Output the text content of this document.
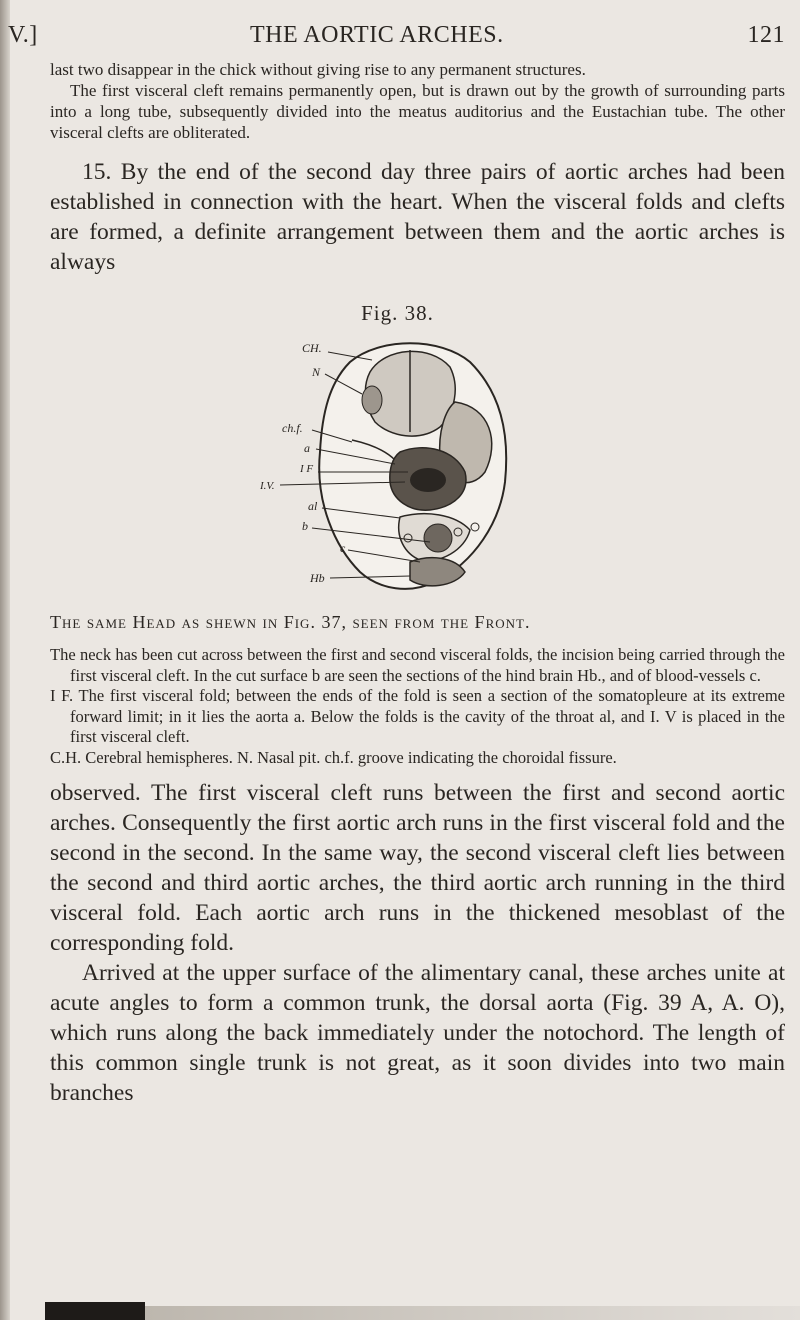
V.]	THE AORTIC ARCHES.	121

last two disappear in the chick without giving rise to any permanent structures.

The first visceral cleft remains permanently open, but is drawn out by the growth of surrounding parts into a long tube, subsequently divided into the meatus auditorius and the Eustachian tube. The other visceral clefts are obliterated.

15. By the end of the second day three pairs of aortic arches had been established in connection with the heart. When the visceral folds and clefts are formed, a definite arrangement between them and the aortic arches is always

Fig. 38.
CH.
N
ch.f.
a
I F
I.V.
al
b
c
Hb
The same Head as shewn in Fig. 37, seen from the Front.

The neck has been cut across between the first and second visceral folds, the incision being carried through the first visceral cleft. In the cut surface b are seen the sections of the hind brain Hb., and of blood-vessels c.

I F. The first visceral fold; between the ends of the fold is seen a section of the somatopleure at its extreme forward limit; in it lies the aorta a. Below the folds is the cavity of the throat al, and I. V is placed in the first visceral cleft.

C.H. Cerebral hemispheres. N. Nasal pit. ch.f. groove indicating the choroidal fissure.

observed. The first visceral cleft runs between the first and second aortic arches. Consequently the first aortic arch runs in the first visceral fold and the second in the second. In the same way, the second visceral cleft lies between the second and third aortic arches, the third aortic arch running in the third visceral fold. Each aortic arch runs in the thickened mesoblast of the corresponding fold.

Arrived at the upper surface of the alimentary canal, these arches unite at acute angles to form a common trunk, the dorsal aorta (Fig. 39 A, A. O), which runs along the back immediately under the notochord. The length of this common single trunk is not great, as it soon divides into two main branches
